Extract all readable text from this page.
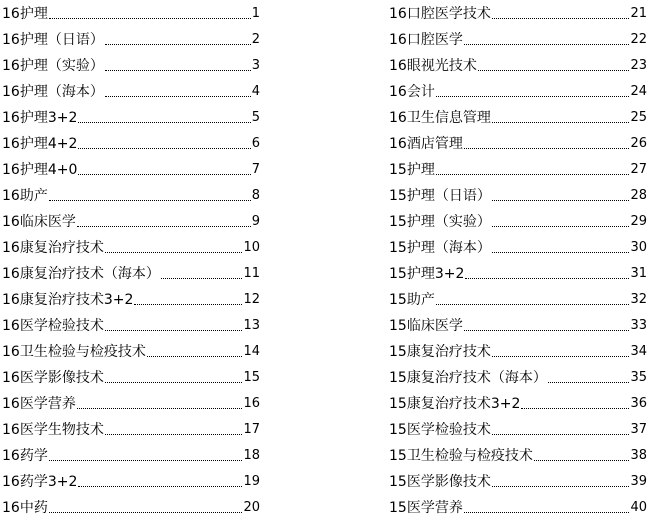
16护理	1
16护理（日语）	2
16护理（实验）	3
16护理（海本）	4
16护理3+2	5
16护理4+2	6
16护理4+0	7
16助产	8
16临床医学	9
16康复治疗技术	10
16康复治疗技术（海本）	11
16康复治疗技术3+2	12
16医学检验技术	13
16卫生检验与检疫技术	14
16医学影像技术	15
16医学营养	16
16医学生物技术	17
16药学	18
16药学3+2	19
16中药	20
16口腔医学技术	21
16口腔医学	22
16眼视光技术	23
16会计	24
16卫生信息管理	25
16酒店管理	26
15护理	27
15护理（日语）	28
15护理（实验）	29
15护理（海本）	30
15护理3+2	31
15助产	32
15临床医学	33
15康复治疗技术	34
15康复治疗技术（海本）	35
15康复治疗技术3+2	36
15医学检验技术	37
15卫生检验与检疫技术	38
15医学影像技术	39
15医学营养	40
